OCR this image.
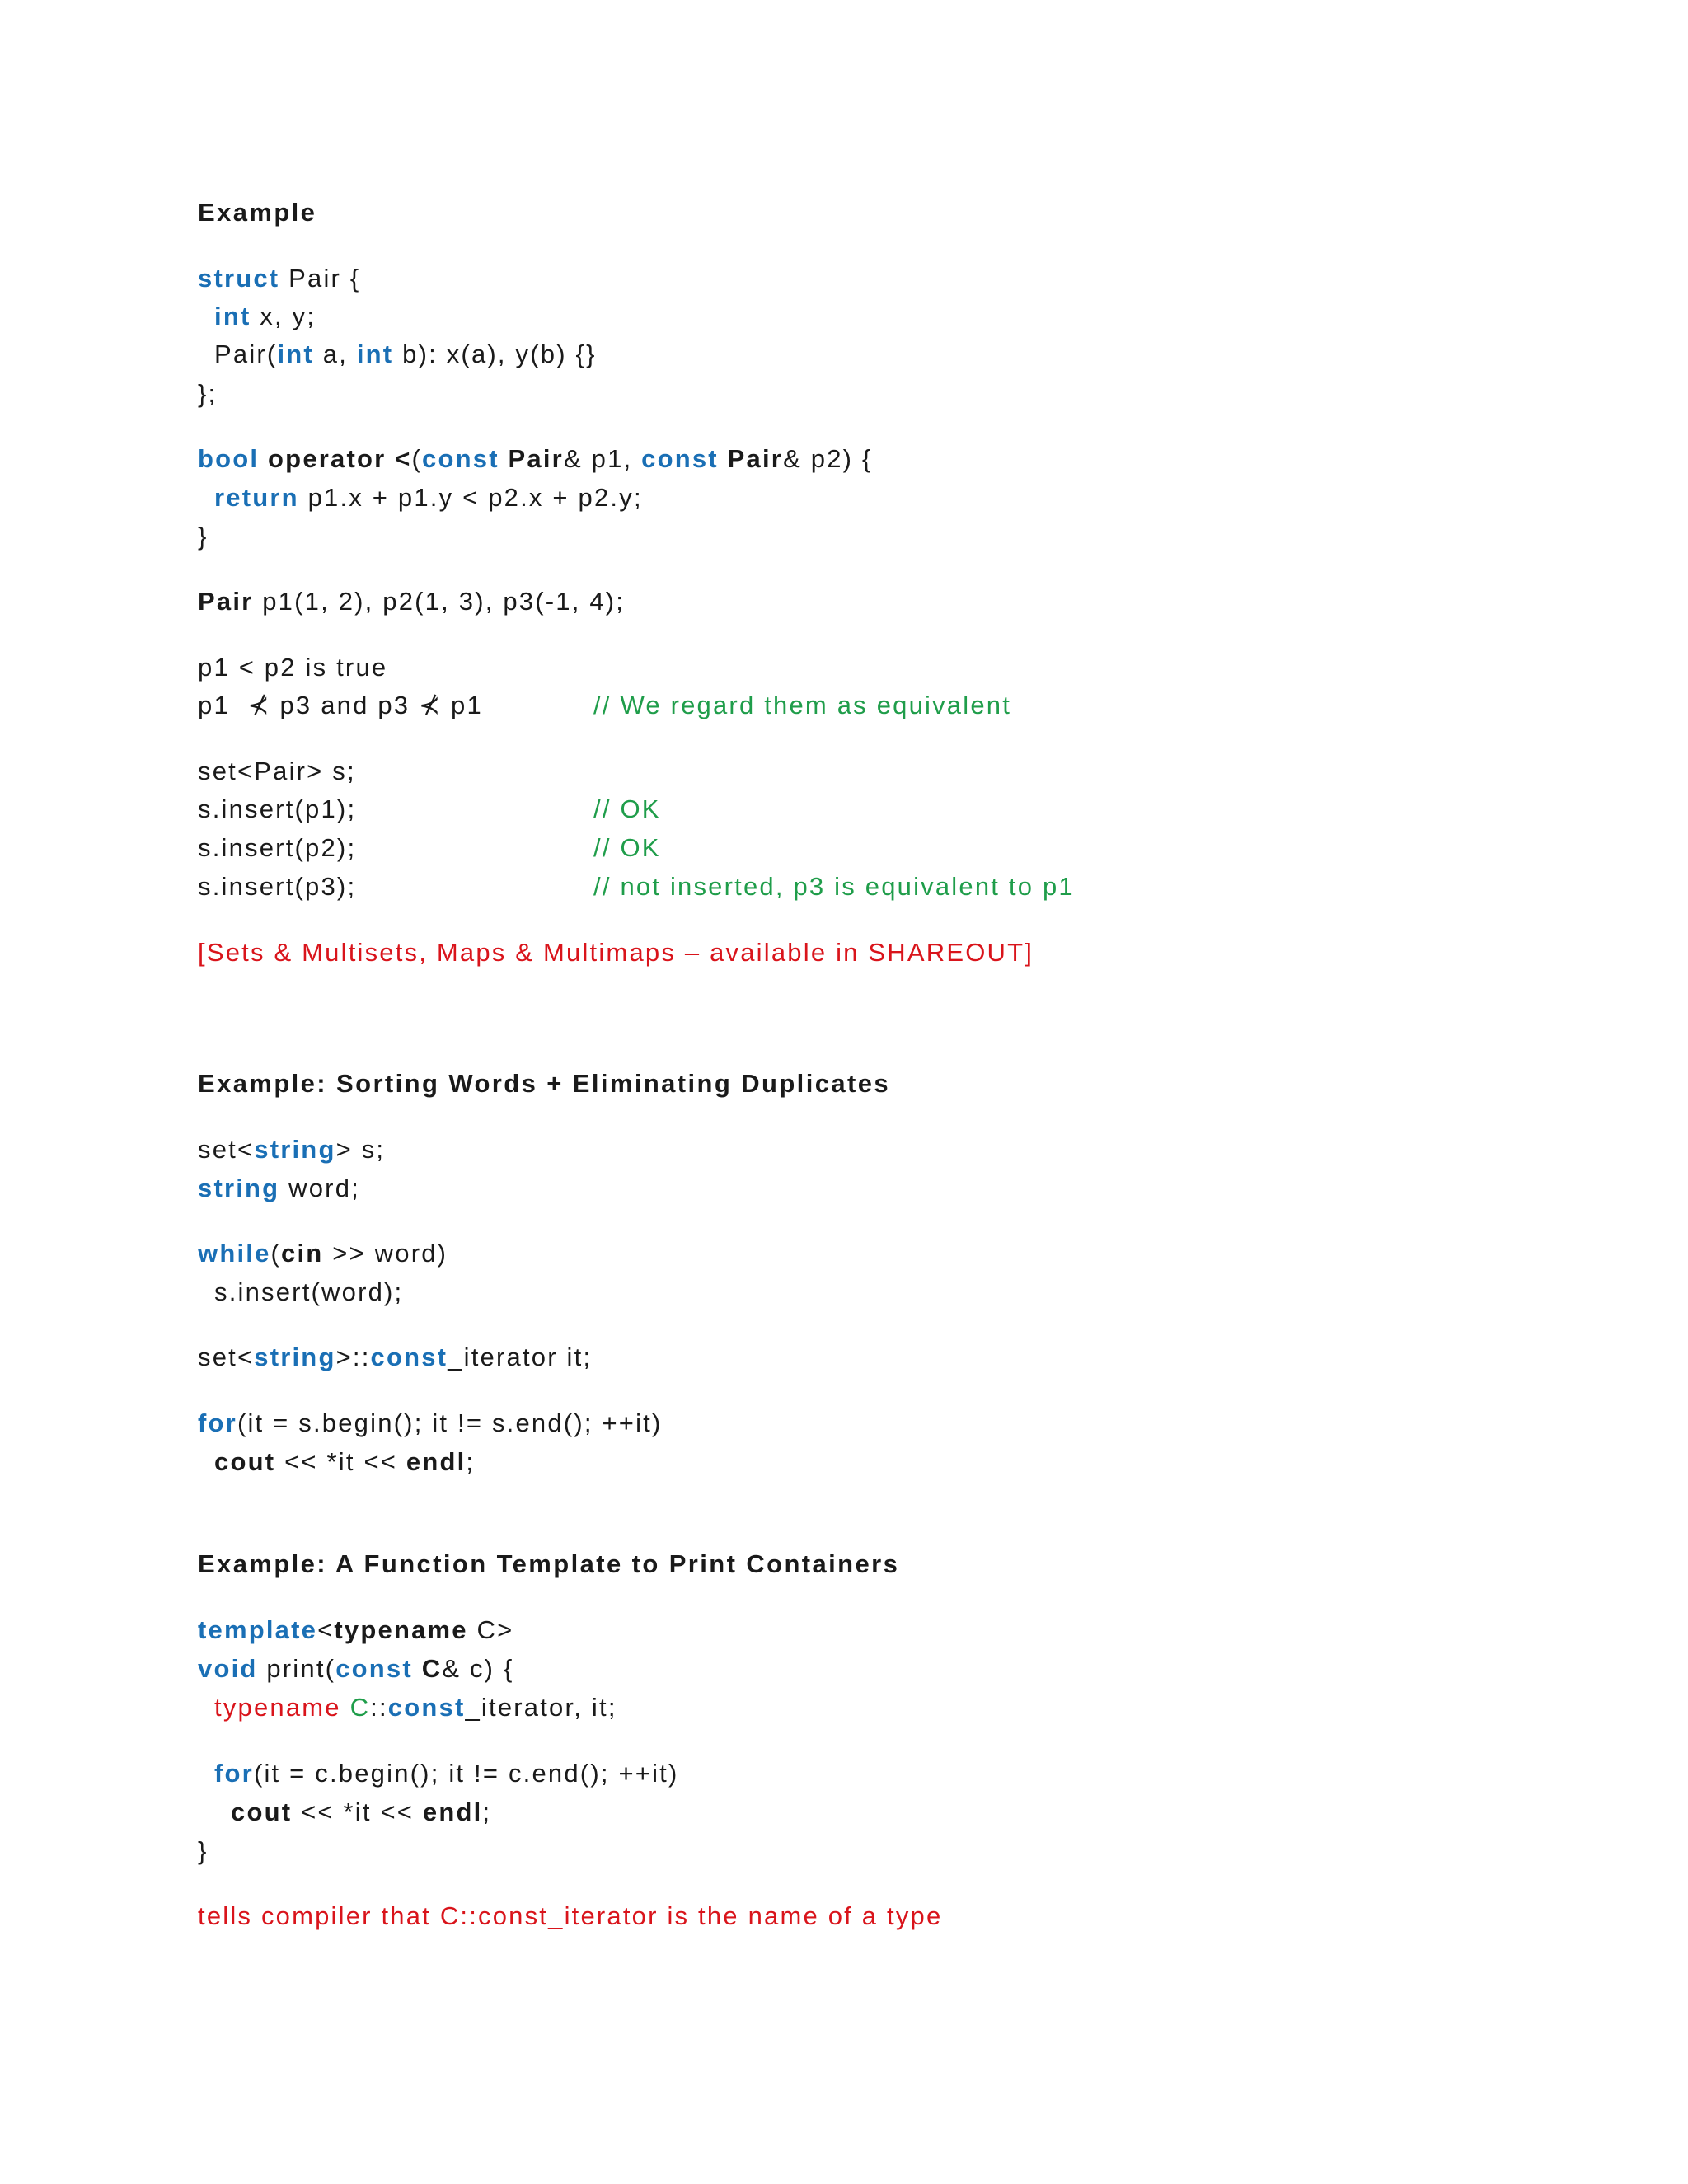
Example
struct Pair {
int x, y;
Pair(int a, int b): x(a), y(b) {}
};
bool operator <(const Pair& p1, const Pair& p2) {
return p1.x + p1.y < p2.x + p2.y;
}
Pair p1(1, 2), p2(1, 3), p3(-1, 4);
p1 < p2 is true
p1  ⊀ p3 and p3 ⊀ p1	// We regard them as equivalent
set<Pair> s;
s.insert(p1);	// OK
s.insert(p2);	// OK
s.insert(p3);	// not inserted, p3 is equivalent to p1
[Sets & Multisets, Maps & Multimaps – available in SHAREOUT]
Example: Sorting Words + Eliminating Duplicates
set<string> s;
string word;
while(cin >> word)
s.insert(word);
set<string>::const_iterator it;
for(it = s.begin(); it != s.end(); ++it)
cout << *it << endl;
Example: A Function Template to Print Containers
template<typename C>
void print(const C& c) {
typename C::const_iterator, it;
for(it = c.begin(); it != c.end(); ++it)
cout << *it << endl;
}
tells compiler that C::const_iterator is the name of a type
